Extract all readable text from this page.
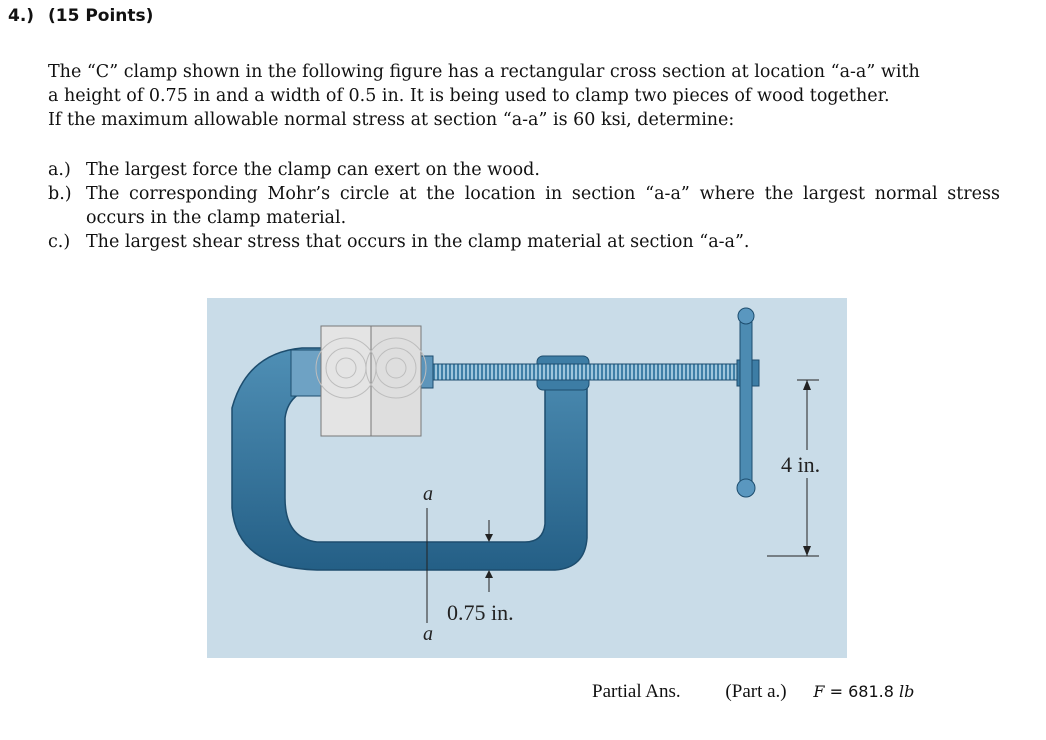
4.) (15 Points)
The “C” clamp shown in the following figure has a rectangular cross section at location “a-a” with
a height of 0.75 in and a width of 0.5 in. It is being used to clamp two pieces of wood together.
If the maximum allowable normal stress at section “a-a” is 60 ksi, determine:
a.) The largest force the clamp can exert on the wood.
b.) The corresponding Mohr’s circle at the location in section “a-a” where the largest normal stress occurs in the clamp material.
c.) The largest shear stress that occurs in the clamp material at section “a-a”.
a
a
0.75 in.
4 in.
Partial Ans. (Part a.) F = 681.8 lb
